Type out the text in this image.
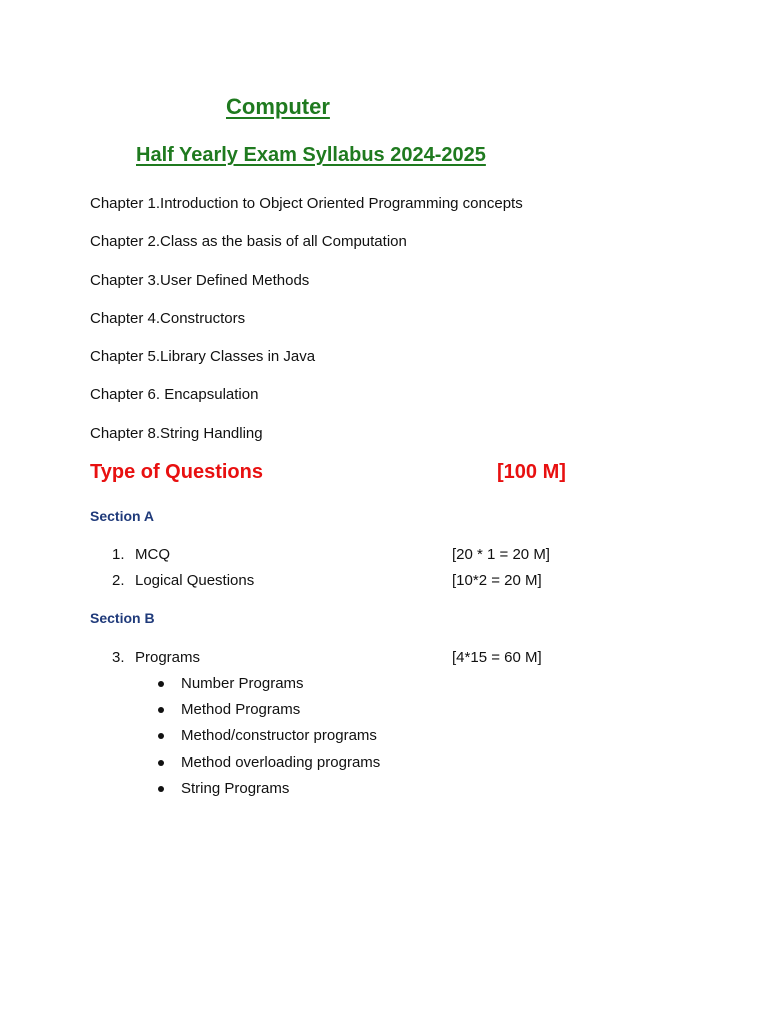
Computer
Half Yearly Exam Syllabus 2024-2025
Chapter 1.Introduction to Object Oriented Programming concepts
Chapter 2.Class as the basis of all Computation
Chapter 3.User Defined Methods
Chapter 4.Constructors
Chapter 5.Library Classes in Java
Chapter 6. Encapsulation
Chapter 8.String Handling
Type of Questions	[100 M]
Section A
1. MCQ	[20 * 1 = 20 M]
2. Logical Questions	[10*2 = 20 M]
Section B
3. Programs	[4*15 = 60 M]
Number Programs
Method Programs
Method/constructor programs
Method overloading programs
String Programs
